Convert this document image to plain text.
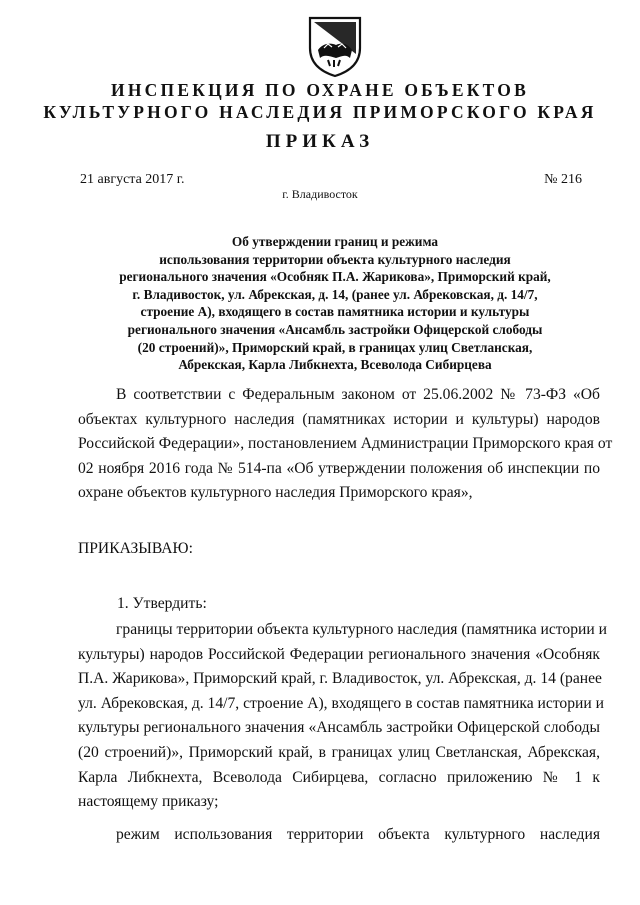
ИНСПЕКЦИЯ ПО ОХРАНЕ ОБЪЕКТОВ
КУЛЬТУРНОГО НАСЛЕДИЯ ПРИМОРСКОГО КРАЯ
ПРИКАЗ
21 августа 2017 г.	№ 216
г. Владивосток
Об утверждении границ и режима
использования территории объекта культурного наследия
регионального значения «Особняк П.А. Жарикова», Приморский край,
г. Владивосток, ул. Абрекская, д. 14, (ранее ул. Абрековская, д. 14/7,
строение А), входящего в состав памятника истории и культуры
регионального значения «Ансамбль застройки Офицерской слободы
(20 строений)», Приморский край, в границах улиц Светланская,
Абрекская, Карла Либкнехта, Всеволода Сибирцева
В соответствии с Федеральным законом от 25.06.2002 № 73-ФЗ «Об
объектах культурного наследия (памятниках истории и культуры) народов
Российской Федерации», постановлением Администрации Приморского края от
02 ноября 2016 года № 514-па «Об утверждении положения об инспекции по
охране объектов культурного наследия Приморского края»,
ПРИКАЗЫВАЮ:
1. Утвердить:
границы территории объекта культурного наследия (памятника истории и
культуры) народов Российской Федерации регионального значения «Особняк
П.А. Жарикова», Приморский край, г. Владивосток, ул. Абрекская, д. 14 (ранее
ул. Абрековская, д. 14/7, строение А), входящего в состав памятника истории и
культуры регионального значения «Ансамбль застройки Офицерской слободы
(20 строений)», Приморский край, в границах улиц Светланская, Абрекская,
Карла Либкнехта, Всеволода Сибирцева, согласно приложению № 1 к
настоящему приказу;
режим использования территории объекта культурного наследия
